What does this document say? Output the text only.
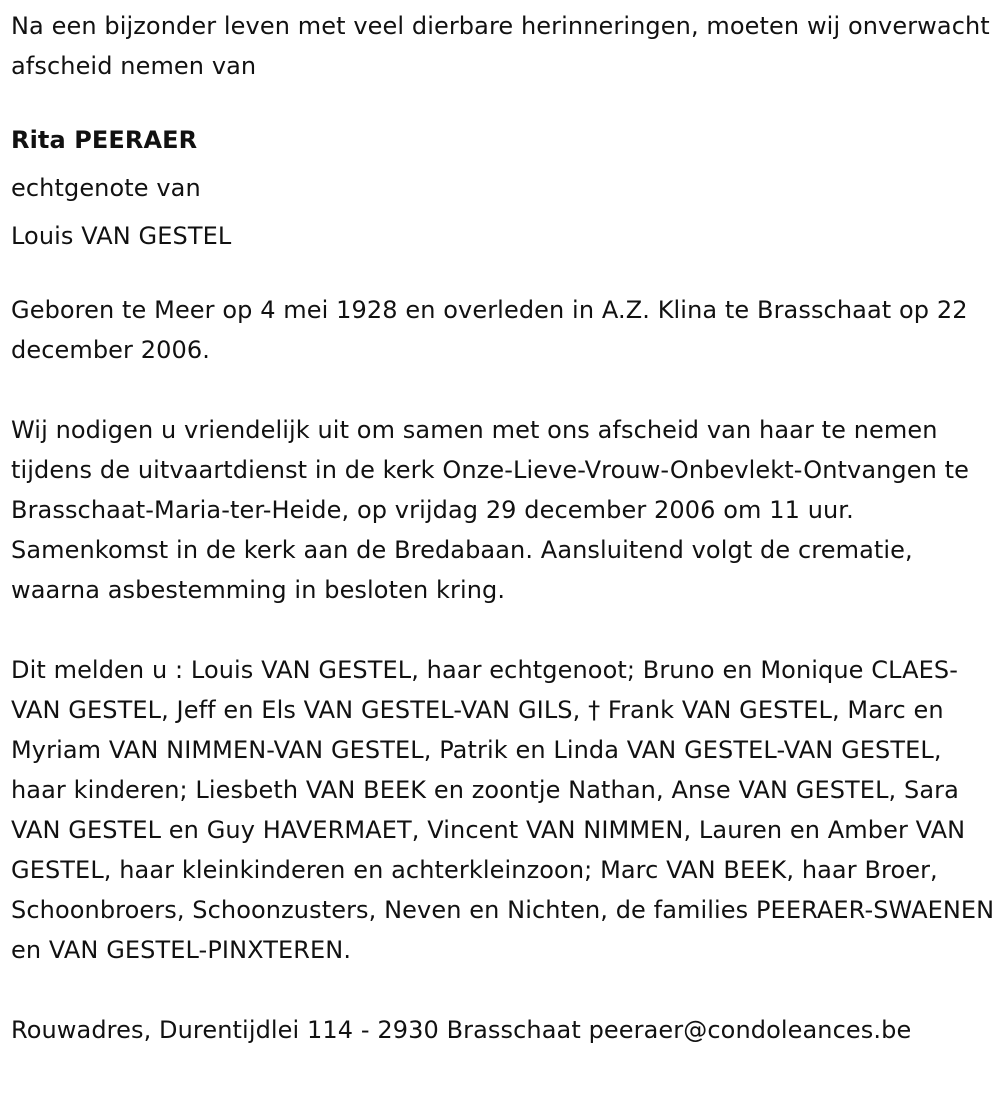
Na een bijzonder leven met veel dierbare herinneringen, moeten wij onverwacht afscheid nemen van

Rita PEERAER

echtgenote van

Louis VAN GESTEL

Geboren te Meer op 4 mei 1928 en overleden in A.Z. Klina te Brasschaat op 22 december 2006.

Wij nodigen u vriendelijk uit om samen met ons afscheid van haar te nemen tijdens de uitvaartdienst in de kerk Onze-Lieve-Vrouw-Onbevlekt-Ontvangen te Brasschaat-Maria-ter-Heide, op vrijdag 29 december 2006 om 11 uur. Samenkomst in de kerk aan de Bredabaan. Aansluitend volgt de crematie, waarna asbestemming in besloten kring.

Dit melden u : Louis VAN GESTEL, haar echtgenoot; Bruno en Monique CLAES-VAN GESTEL, Jeff en Els VAN GESTEL-VAN GILS, † Frank VAN GESTEL, Marc en Myriam VAN NIMMEN-VAN GESTEL, Patrik en Linda VAN GESTEL-VAN GESTEL, haar kinderen; Liesbeth VAN BEEK en zoontje Nathan, Anse VAN GESTEL, Sara VAN GESTEL en Guy HAVERMAET, Vincent VAN NIMMEN, Lauren en Amber VAN GESTEL, haar kleinkinderen en achterkleinzoon; Marc VAN BEEK, haar Broer, Schoonbroers, Schoonzusters, Neven en Nichten, de families PEERAER-SWAENEN en VAN GESTEL-PINXTEREN.

Rouwadres, Durentijdlei 114 - 2930 Brasschaat peeraer@condoleances.be
